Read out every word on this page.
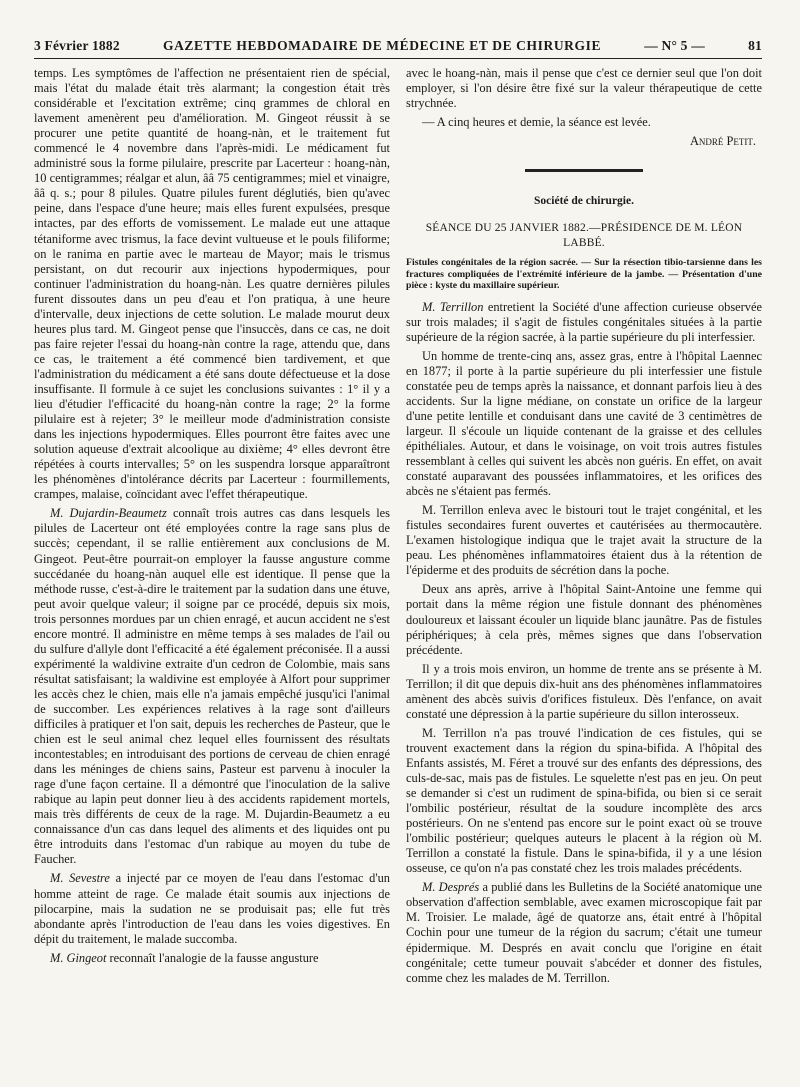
3 Février 1882	GAZETTE HEBDOMADAIRE DE MÉDECINE ET DE CHIRURGIE	— N° 5 —	81

temps. Les symptômes de l'affection ne présentaient rien de spécial, mais l'état du malade était très alarmant; la congestion était très considérable et l'excitation extrême; cinq grammes de chloral en lavement amenèrent peu d'amélioration. M. Gingeot réussit à se procurer une petite quantité de hoang-nàn, et le traitement fut commencé le 4 novembre dans l'après-midi. Le médicament fut administré sous la forme pilulaire, prescrite par Lacerteur : hoang-nàn, 10 centigrammes; réalgar et alun, ââ 75 centigrammes; miel et vinaigre, ââ q. s.; pour 8 pilules. Quatre pilules furent déglutiés, bien qu'avec peine, dans l'espace d'une heure; mais elles furent expulsées, presque intactes, par des efforts de vomissement. Le malade eut une attaque tétaniforme avec trismus, la face devint vultueuse et le pouls filiforme; on le ranima en partie avec le marteau de Mayor; mais le trismus persistant, on dut recourir aux injections hypodermiques, pour continuer l'administration du hoang-nàn. Les quatre dernières pilules furent dissoutes dans un peu d'eau et l'on pratiqua, à une heure d'intervalle, deux injections de cette solution. Le malade mourut deux heures plus tard. M. Gingeot pense que l'insuccès, dans ce cas, ne doit pas faire rejeter l'essai du hoang-nàn contre la rage, attendu que, dans ce cas, le traitement a été commencé bien tardivement, et que l'administration du médicament a été sans doute défectueuse et la dose insuffisante. Il formule à ce sujet les conclusions suivantes : 1° il y a lieu d'étudier l'efficacité du hoang-nàn contre la rage; 2° la forme pilulaire est à rejeter; 3° le meilleur mode d'administration consiste dans les injections hypodermiques. Elles pourront être faites avec une solution aqueuse d'extrait alcoolique au dixième; 4° elles devront être répétées à courts intervalles; 5° on les suspendra lorsque apparaîtront les phénomènes d'intolérance décrits par Lacerteur : fourmillements, crampes, malaise, coïncidant avec l'effet thérapeutique.

M. Dujardin-Beaumetz connaît trois autres cas dans lesquels les pilules de Lacerteur ont été employées contre la rage sans plus de succès; cependant, il se rallie entièrement aux conclusions de M. Gingeot. Peut-être pourrait-on employer la fausse angusture comme succédanée du hoang-nàn auquel elle est identique. Il pense que la méthode russe, c'est-à-dire le traitement par la sudation dans une étuve, peut avoir quelque valeur; il soigne par ce procédé, depuis six mois, trois personnes mordues par un chien enragé, et aucun accident ne s'est encore montré. Il administre en même temps à ses malades de l'ail ou du sulfure d'allyle dont l'efficacité a été également préconisée. Il a aussi expérimenté la waldivine extraite d'un cedron de Colombie, mais sans résultat satisfaisant; la waldivine est employée à Alfort pour supprimer les accès chez le chien, mais elle n'a jamais empêché jusqu'ici l'animal de succomber. Les expériences relatives à la rage sont d'ailleurs difficiles à pratiquer et l'on sait, depuis les recherches de Pasteur, que le chien est le seul animal chez lequel elles fournissent des résultats incontestables; en introduisant des portions de cerveau de chien enragé dans les méninges de chiens sains, Pasteur est parvenu à inoculer la rage d'une façon certaine. Il a démontré que l'inoculation de la salive rabique au lapin peut donner lieu à des accidents rapidement mortels, mais très différents de ceux de la rage. M. Dujardin-Beaumetz a eu connaissance d'un cas dans lequel des aliments et des liquides ont pu être introduits dans l'estomac d'un rabique au moyen du tube de Faucher.

M. Sevestre a injecté par ce moyen de l'eau dans l'estomac d'un homme atteint de rage. Ce malade était soumis aux injections de pilocarpine, mais la sudation ne se produisait pas; elle fut très abondante après l'introduction de l'eau dans les voies digestives. En dépit du traitement, le malade succomba.

M. Gingeot reconnaît l'analogie de la fausse angusture

avec le hoang-nàn, mais il pense que c'est ce dernier seul que l'on doit employer, si l'on désire être fixé sur la valeur thérapeutique de cette strychnée.

— A cinq heures et demie, la séance est levée.

André Petit.
Société de chirurgie.
SÉANCE DU 25 JANVIER 1882.—PRÉSIDENCE DE M. LÉON LABBÉ.
Fistules congénitales de la région sacrée. — Sur la résection tibio-tarsienne dans les fractures compliquées de l'extrémité inférieure de la jambe. — Présentation d'une pièce : kyste du maxillaire supérieur.

M. Terrillon entretient la Société d'une affection curieuse observée sur trois malades; il s'agit de fistules congénitales situées à la partie supérieure de la région sacrée, à la partie supérieure du pli interfessier.

Un homme de trente-cinq ans, assez gras, entre à l'hôpital Laennec en 1877; il porte à la partie supérieure du pli interfessier une fistule constatée peu de temps après la naissance, et donnant parfois lieu à des accidents. Sur la ligne médiane, on constate un orifice de la largeur d'une petite lentille et conduisant dans une cavité de 3 centimètres de largeur. Il s'écoule un liquide contenant de la graisse et des cellules épithéliales. Autour, et dans le voisinage, on voit trois autres fistules ressemblant à celles qui suivent les abcès non guéris. En effet, on avait constaté auparavant des poussées inflammatoires, et les orifices des abcès ne s'étaient pas fermés.

M. Terrillon enleva avec le bistouri tout le trajet congénital, et les fistules secondaires furent ouvertes et cautérisées au thermocautère. L'examen histologique indiqua que le trajet avait la structure de la peau. Les phénomènes inflammatoires étaient dus à la rétention de l'épiderme et des produits de sécrétion dans la poche.

Deux ans après, arrive à l'hôpital Saint-Antoine une femme qui portait dans la même région une fistule donnant des phénomènes douloureux et laissant écouler un liquide blanc jaunâtre. Pas de fistules périphériques; à cela près, mêmes signes que dans l'observation précédente.

Il y a trois mois environ, un homme de trente ans se présente à M. Terrillon; il dit que depuis dix-huit ans des phénomènes inflammatoires amènent des abcès suivis d'orifices fistuleux. Dès l'enfance, on avait constaté une dépression à la partie supérieure du sillon interosseux.

M. Terrillon n'a pas trouvé l'indication de ces fistules, qui se trouvent exactement dans la région du spina-bifida. A l'hôpital des Enfants assistés, M. Féret a trouvé sur des enfants des dépressions, des culs-de-sac, mais pas de fistules. Le squelette n'est pas en jeu. On peut se demander si c'est un rudiment de spina-bifida, ou bien si ce serait l'ombilic postérieur, résultat de la soudure incomplète des arcs postérieurs. On ne s'entend pas encore sur le point exact où se trouve l'ombilic postérieur; quelques auteurs le placent à la région où M. Terrillon a constaté la fistule. Dans le spina-bifida, il y a une lésion osseuse, ce qu'on n'a pas constaté chez les trois malades précédents.

M. Després a publié dans les Bulletins de la Société anatomique une observation d'affection semblable, avec examen microscopique fait par M. Troisier. Le malade, âgé de quatorze ans, était entré à l'hôpital Cochin pour une tumeur de la région du sacrum; c'était une tumeur épidermique. M. Després en avait conclu que l'origine en était congénitale; cette tumeur pouvait s'abcéder et donner des fistules, comme chez les malades de M. Terrillon.
